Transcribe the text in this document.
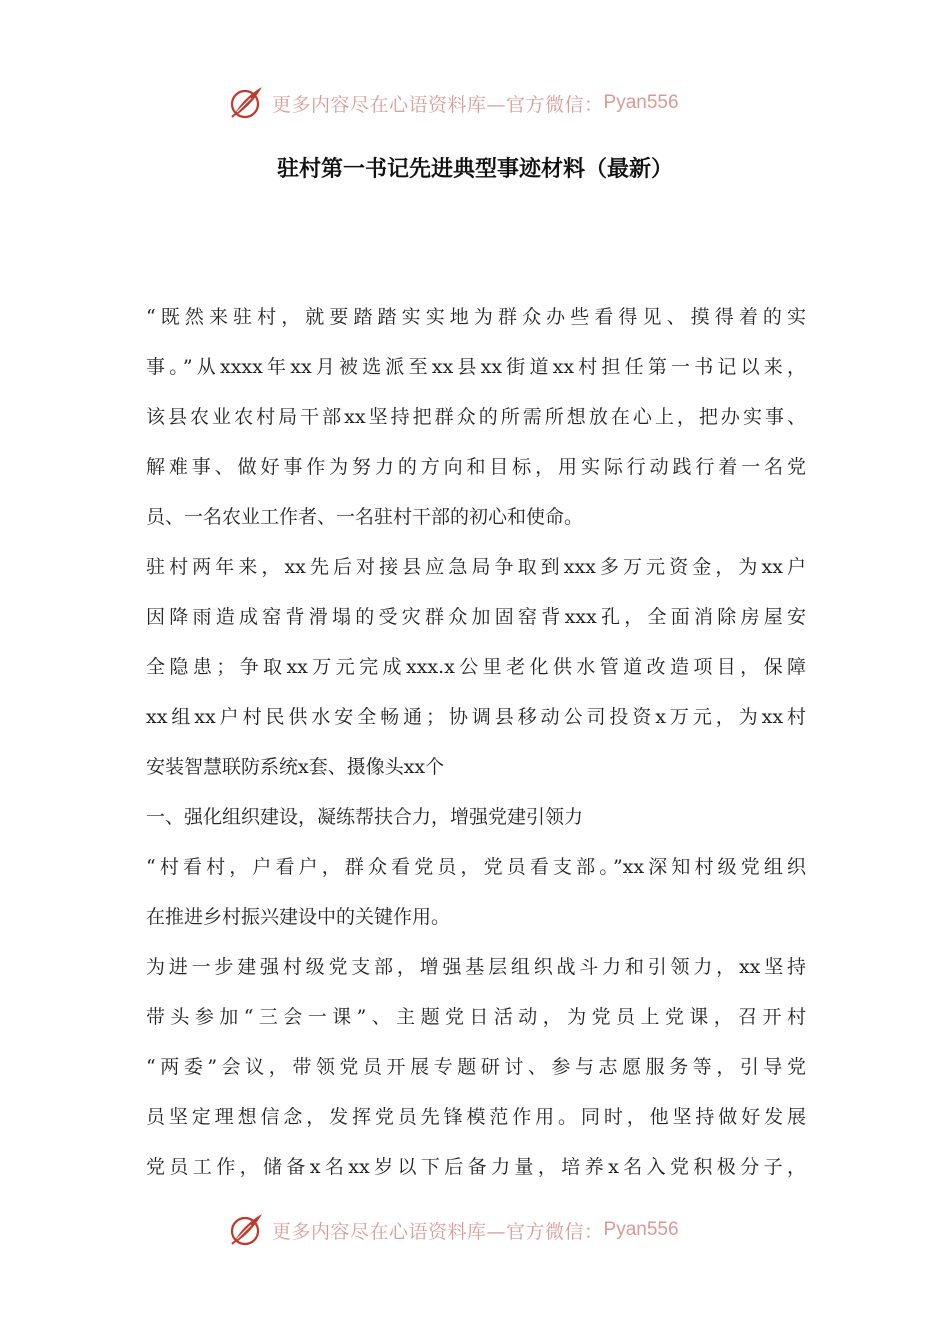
更多内容尽在心语资料库—官方微信： Pyan556
驻村第一书记先进典型事迹材料（最新）
“既然来驻村，就要踏踏实实地为群众办些看得见、摸得着的实
事。”从xxxx年xx月被选派至xx县xx街道xx村担任第一书记以来，
该县农业农村局干部xx坚持把群众的所需所想放在心上，把办实事、
解难事、做好事作为努力的方向和目标，用实际行动践行着一名党
员、一名农业工作者、一名驻村干部的初心和使命。
驻村两年来，xx先后对接县应急局争取到xxx多万元资金，为xx户
因降雨造成窑背滑塌的受灾群众加固窑背xxx孔，全面消除房屋安
全隐患；争取xx万元完成xxx.x公里老化供水管道改造项目，保障
xx组xx户村民供水安全畅通；协调县移动公司投资x万元，为xx村
安装智慧联防系统x套、摄像头xx个
一、强化组织建设，凝练帮扶合力，增强党建引领力
“村看村，户看户，群众看党员，党员看支部。”xx深知村级党组织
在推进乡村振兴建设中的关键作用。
为进一步建强村级党支部，增强基层组织战斗力和引领力，xx坚持
带头参加“三会一课”、主题党日活动，为党员上党课，召开村
“两委”会议，带领党员开展专题研讨、参与志愿服务等，引导党
员坚定理想信念，发挥党员先锋模范作用。同时，他坚持做好发展
党员工作，储备x名xx岁以下后备力量，培养x名入党积极分子，
更多内容尽在心语资料库—官方微信： Pyan556
